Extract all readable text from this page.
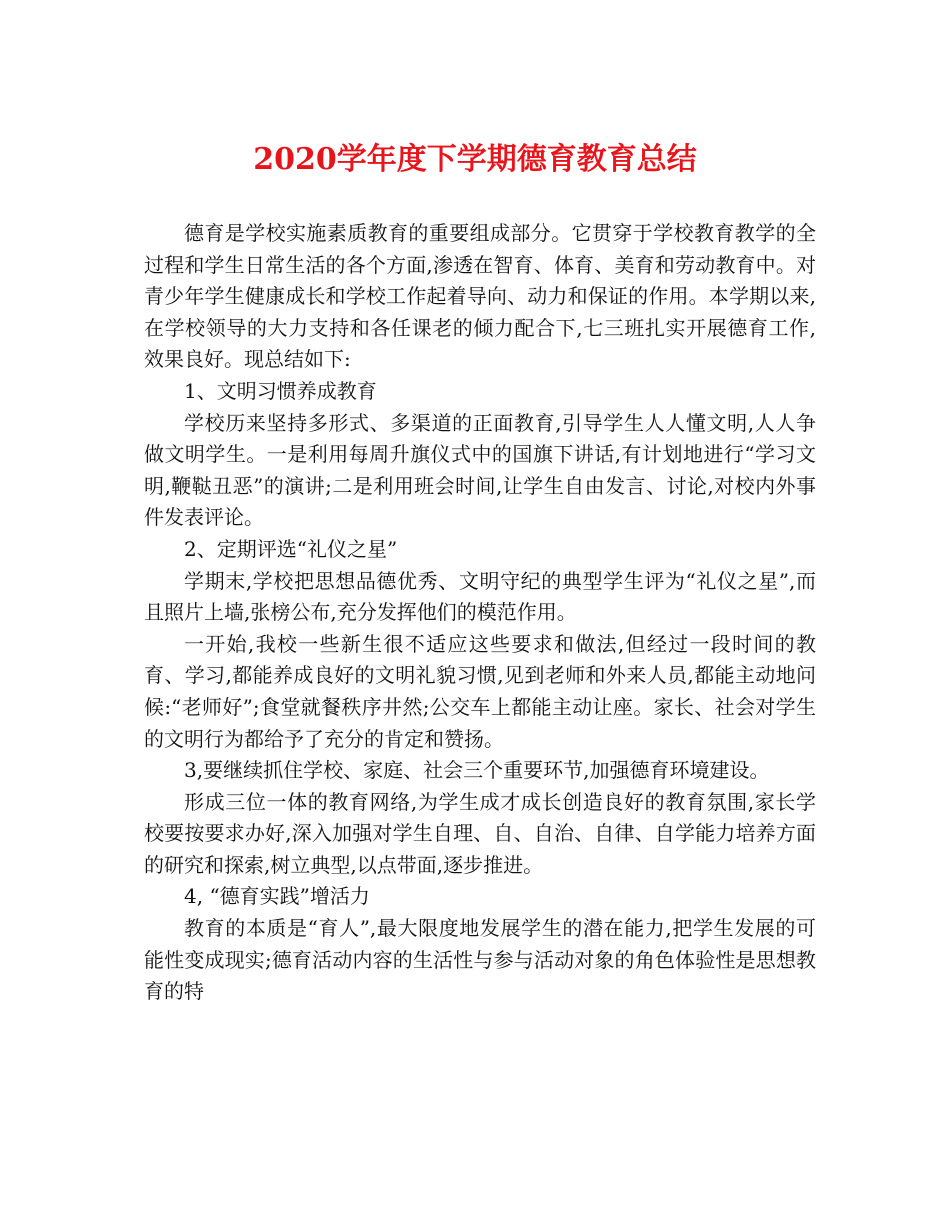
2020学年度下学期德育教育总结

德育是学校实施素质教育的重要组成部分。它贯穿于学校教育教学的全过程和学生日常生活的各个方面,渗透在智育、体育、美育和劳动教育中。对青少年学生健康成长和学校工作起着导向、动力和保证的作用。本学期以来,在学校领导的大力支持和各任课老的倾力配合下,七三班扎实开展德育工作,效果良好。现总结如下:

1、文明习惯养成教育

学校历来坚持多形式、多渠道的正面教育,引导学生人人懂文明,人人争做文明学生。一是利用每周升旗仪式中的国旗下讲话,有计划地进行“学习文明,鞭鞑丑恶”的演讲;二是利用班会时间,让学生自由发言、讨论,对校内外事件发表评论。

2、定期评选“礼仪之星”

学期末,学校把思想品德优秀、文明守纪的典型学生评为“礼仪之星”,而且照片上墙,张榜公布,充分发挥他们的模范作用。

一开始,我校一些新生很不适应这些要求和做法,但经过一段时间的教育、学习,都能养成良好的文明礼貌习惯,见到老师和外来人员,都能主动地问候:“老师好”;食堂就餐秩序井然;公交车上都能主动让座。家长、社会对学生的文明行为都给予了充分的肯定和赞扬。

3,要继续抓住学校、家庭、社会三个重要环节,加强德育环境建设。

形成三位一体的教育网络,为学生成才成长创造良好的教育氛围,家长学校要按要求办好,深入加强对学生自理、自、自治、自律、自学能力培养方面的研究和探索,树立典型,以点带面,逐步推进。

4, “德育实践”增活力

教育的本质是“育人”,最大限度地发展学生的潜在能力,把学生发展的可能性变成现实;德育活动内容的生活性与参与活动对象的角色体验性是思想教育的特
